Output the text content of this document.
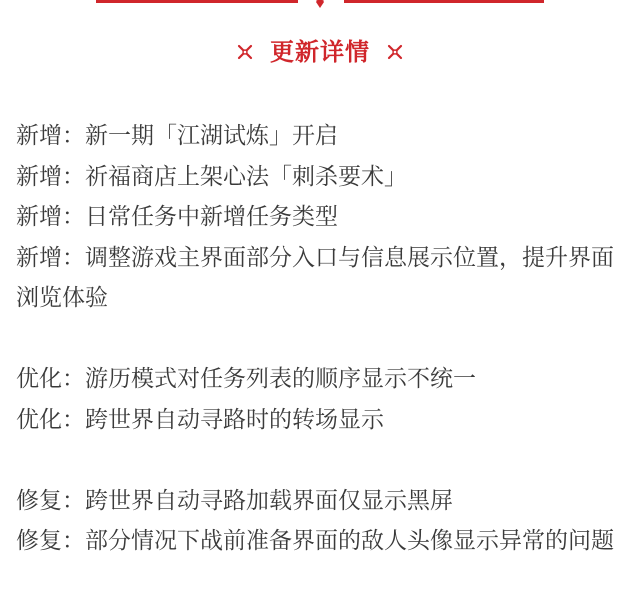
更新详情

新增：新一期「江湖试炼」开启

新增：祈福商店上架心法「刺杀要术」

新增：日常任务中新增任务类型

新增：调整游戏主界面部分入口与信息展示位置，提升界面浏览体验

优化：游历模式对任务列表的顺序显示不统一

优化：跨世界自动寻路时的转场显示

修复：跨世界自动寻路加载界面仅显示黑屏

修复：部分情况下战前准备界面的敌人头像显示异常的问题
